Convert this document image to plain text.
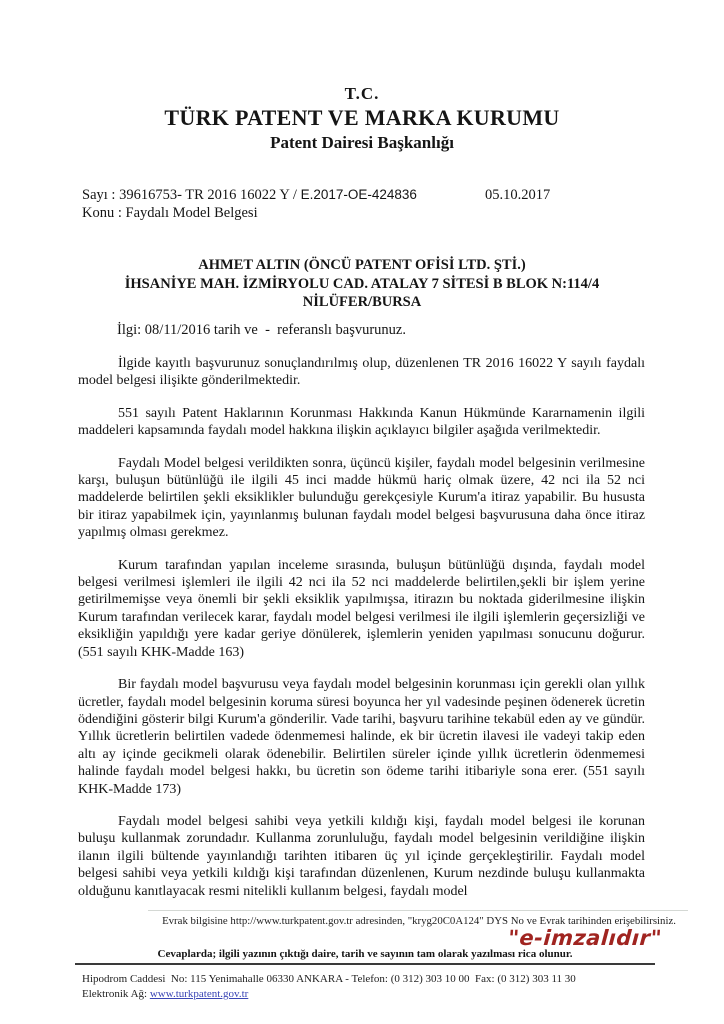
T.C.
TÜRK PATENT VE MARKA KURUMU
Patent Dairesi Başkanlığı
Sayı : 39616753- TR 2016 16022 Y / E.2017-OE-424836
Konu : Faydalı Model Belgesi
05.10.2017
AHMET ALTIN (ÖNCÜ PATENT OFİSİ LTD. ŞTİ.)
İHSANİYE MAH. İZMİRYOLU CAD. ATALAY 7 SİTESİ B BLOK N:114/4
NİLÜFER/BURSA
İlgi: 08/11/2016 tarih ve  -  referanslı başvurunuz.

İlgide kayıtlı başvurunuz sonuçlandırılmış olup, düzenlenen TR 2016 16022 Y sayılı faydalı model belgesi ilişikte gönderilmektedir.

551 sayılı Patent Haklarının Korunması Hakkında Kanun Hükmünde Kararnamenin ilgili maddeleri kapsamında faydalı model hakkına ilişkin açıklayıcı bilgiler aşağıda verilmektedir.

Faydalı Model belgesi verildikten sonra, üçüncü kişiler, faydalı model belgesinin verilmesine karşı, buluşun bütünlüğü ile ilgili 45 inci madde hükmü hariç olmak üzere, 42 nci ila 52 nci maddelerde belirtilen şekli eksiklikler bulunduğu gerekçesiyle Kurum'a itiraz yapabilir. Bu hususta bir itiraz yapabilmek için, yayınlanmış bulunan faydalı model belgesi başvurusuna daha önce itiraz yapılmış olması gerekmez.

Kurum tarafından yapılan inceleme sırasında, buluşun bütünlüğü dışında, faydalı model belgesi verilmesi işlemleri ile ilgili 42 nci ila 52 nci maddelerde belirtilen,şekli bir işlem yerine getirilmemişse veya önemli bir şekli eksiklik yapılmışsa, itirazın bu noktada giderilmesine ilişkin Kurum tarafından verilecek karar, faydalı model belgesi verilmesi ile ilgili işlemlerin geçersizliği ve eksikliğin yapıldığı yere kadar geriye dönülerek, işlemlerin yeniden yapılması sonucunu doğurur. (551 sayılı KHK-Madde 163)

Bir faydalı model başvurusu veya faydalı model belgesinin korunması için gerekli olan yıllık ücretler, faydalı model belgesinin koruma süresi boyunca her yıl vadesinde peşinen ödenerek ücretin ödendiğini gösterir bilgi Kurum'a gönderilir. Vade tarihi, başvuru tarihine tekabül eden ay ve gündür. Yıllık ücretlerin belirtilen vadede ödenmemesi halinde, ek bir ücretin ilavesi ile vadeyi takip eden altı ay içinde gecikmeli olarak ödenebilir. Belirtilen süreler içinde yıllık ücretlerin ödenmemesi halinde faydalı model belgesi hakkı, bu ücretin son ödeme tarihi itibariyle sona erer. (551 sayılı KHK-Madde 173)

Faydalı model belgesi sahibi veya yetkili kıldığı kişi, faydalı model belgesi ile korunan buluşu kullanmak zorundadır. Kullanma zorunluluğu, faydalı model belgesinin verildiğine ilişkin ilanın ilgili bültende yayınlandığı tarihten itibaren üç yıl içinde gerçekleştirilir. Faydalı model belgesi sahibi veya yetkili kıldığı kişi tarafından düzenlenen, Kurum nezdinde buluşu kullanmakta olduğunu kanıtlayacak resmi nitelikli kullanım belgesi, faydalı model

Evrak bilgisine http://www.turkpatent.gov.tr adresinden, "kryg20C0A124" DYS No ve Evrak tarihinden erişebilirsiniz.
"e-imzalıdır"
Cevaplarda; ilgili yazının çıktığı daire, tarih ve sayının tam olarak yazılması rica olunur.
Hipodrom Caddesi  No: 115 Yenimahalle 06330 ANKARA - Telefon: (0 312) 303 10 00  Fax: (0 312) 303 11 30
Elektronik Ağ: www.turkpatent.gov.tr
